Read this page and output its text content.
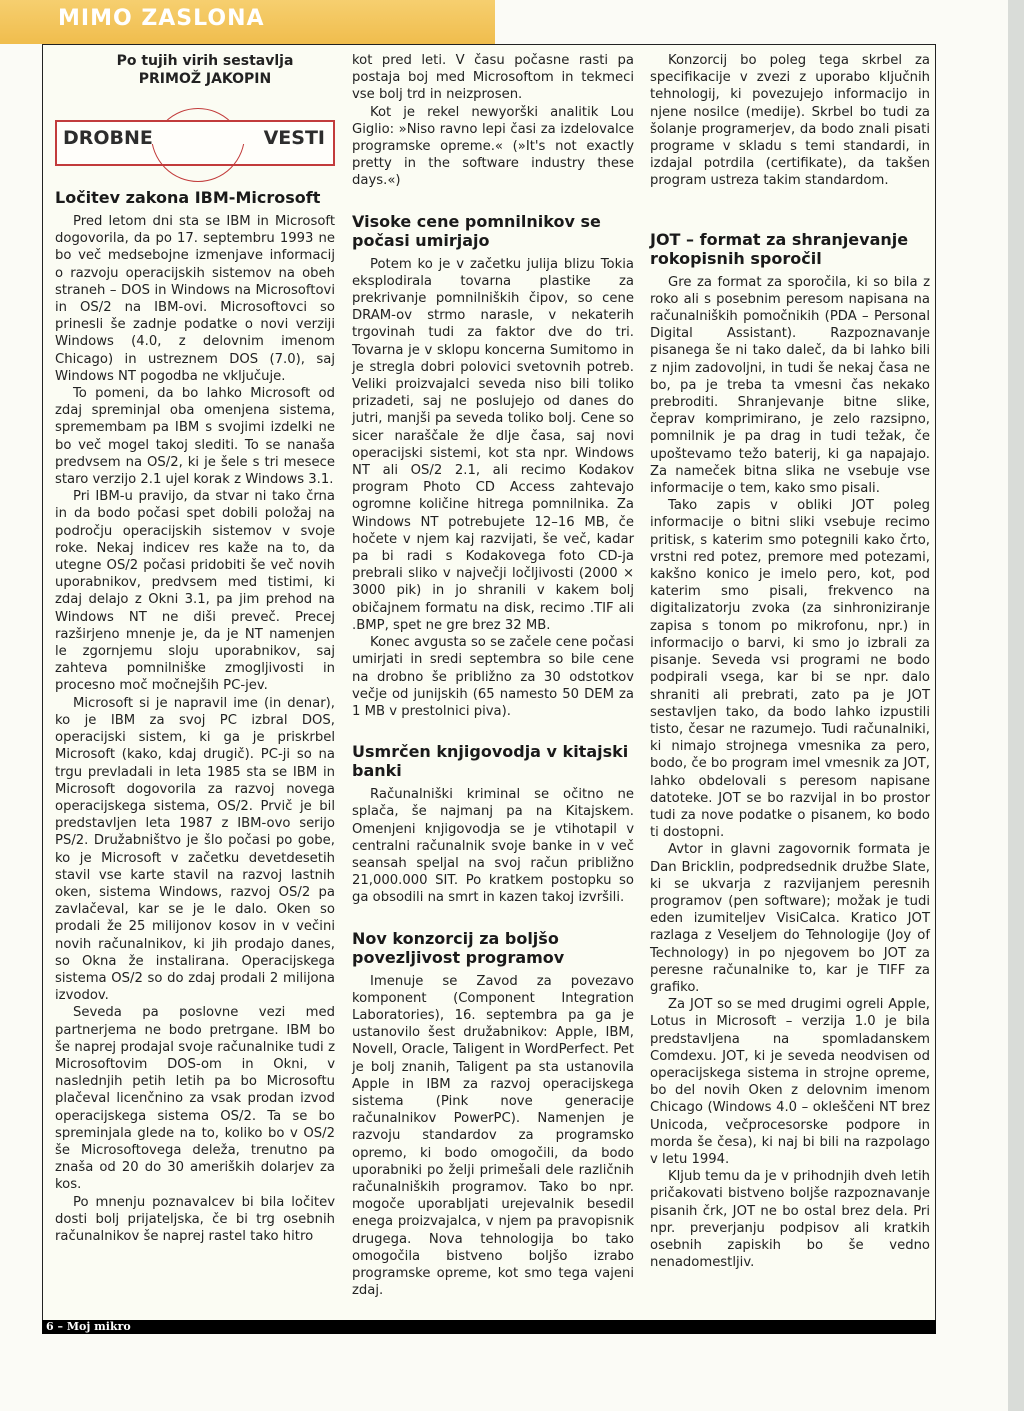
MIMO ZASLONA
Po tujih virih sestavlja
PRIMOŽ JAKOPIN
DROBNE	VESTI
Ločitev zakona IBM-Microsoft

Pred letom dni sta se IBM in Microsoft dogovorila, da po 17. septembru 1993 ne bo več medsebojne izmenjave informacij o razvoju operacijskih sistemov na obeh straneh – DOS in Windows na Microsoftovi in OS/2 na IBM-ovi. Microsoftovci so prinesli še zadnje podatke o novi verziji Windows (4.0, z delovnim imenom Chicago) in ustreznem DOS (7.0), saj Windows NT pogodba ne vključuje.

To pomeni, da bo lahko Microsoft od zdaj spreminjal oba omenjena sistema, spremembam pa IBM s svojimi izdelki ne bo več mogel takoj slediti. To se nanaša predvsem na OS/2, ki je šele s tri mesece staro verzijo 2.1 ujel korak z Windows 3.1.

Pri IBM-u pravijo, da stvar ni tako črna in da bodo počasi spet dobili položaj na področju operacijskih sistemov v svoje roke. Nekaj indicev res kaže na to, da utegne OS/2 počasi pridobiti še več novih uporabnikov, predvsem med tistimi, ki zdaj delajo z Okni 3.1, pa jim prehod na Windows NT ne diši preveč. Precej razširjeno mnenje je, da je NT namenjen le zgornjemu sloju uporabnikov, saj zahteva pomnilniške zmogljivosti in procesno moč močnejših PC-jev.

Microsoft si je napravil ime (in denar), ko je IBM za svoj PC izbral DOS, operacijski sistem, ki ga je priskrbel Microsoft (kako, kdaj drugič). PC-ji so na trgu prevladali in leta 1985 sta se IBM in Microsoft dogovorila za razvoj novega operacijskega sistema, OS/2. Prvič je bil predstavljen leta 1987 z IBM-ovo serijo PS/2. Družabništvo je šlo počasi po gobe, ko je Microsoft v začetku devetdesetih stavil vse karte stavil na razvoj lastnih oken, sistema Windows, razvoj OS/2 pa zavlačeval, kar se je le dalo. Oken so prodali že 25 milijonov kosov in v večini novih računalnikov, ki jih prodajo danes, so Okna že instalirana. Operacijskega sistema OS/2 so do zdaj prodali 2 milijona izvodov.

Seveda pa poslovne vezi med partnerjema ne bodo pretrgane. IBM bo še naprej prodajal svoje računalnike tudi z Microsoftovim DOS-om in Okni, v naslednjih petih letih pa bo Microsoftu plačeval licenčnino za vsak prodan izvod operacijskega sistema OS/2. Ta se bo spreminjala glede na to, koliko bo v OS/2 še Microsoftovega deleža, trenutno pa znaša od 20 do 30 ameriških dolarjev za kos.

Po mnenju poznavalcev bi bila ločitev dosti bolj prijateljska, če bi trg osebnih računalnikov še naprej rastel tako hitro

kot pred leti. V času počasne rasti pa postaja boj med Microsoftom in tekmeci vse bolj trd in neizprosen.

Kot je rekel newyorški analitik Lou Giglio: »Niso ravno lepi časi za izdelovalce programske opreme.« (»It's not exactly pretty in the software industry these days.«)

Visoke cene pomnilnikov se počasi umirjajo

Potem ko je v začetku julija blizu Tokia eksplodirala tovarna plastike za prekrivanje pomnilniških čipov, so cene DRAM-ov strmo narasle, v nekaterih trgovinah tudi za faktor dve do tri. Tovarna je v sklopu koncerna Sumitomo in je stregla dobri polovici svetovnih potreb. Veliki proizvajalci seveda niso bili toliko prizadeti, saj ne poslujejo od danes do jutri, manjši pa seveda toliko bolj. Cene so sicer naraščale že dlje časa, saj novi operacijski sistemi, kot sta npr. Windows NT ali OS/2 2.1, ali recimo Kodakov program Photo CD Access zahtevajo ogromne količine hitrega pomnilnika. Za Windows NT potrebujete 12–16 MB, če hočete v njem kaj razvijati, še več, kadar pa bi radi s Kodakovega foto CD-ja prebrali sliko v največji ločljivosti (2000 × 3000 pik) in jo shranili v kakem bolj običajnem formatu na disk, recimo .TIF ali .BMP, spet ne gre brez 32 MB.

Konec avgusta so se začele cene počasi umirjati in sredi septembra so bile cene na drobno še približno za 30 odstotkov večje od junijskih (65 namesto 50 DEM za 1 MB v prestolnici piva).

Usmrčen knjigovodja v kitajski banki

Računalniški kriminal se očitno ne splača, še najmanj pa na Kitajskem. Omenjeni knjigovodja se je vtihotapil v centralni računalnik svoje banke in v več seansah speljal na svoj račun približno 21,000.000 SIT. Po kratkem postopku so ga obsodili na smrt in kazen takoj izvršili.

Nov konzorcij za boljšo povezljivost programov

Imenuje se Zavod za povezavo komponent (Component Integration Laboratories), 16. septembra pa ga je ustanovilo šest družabnikov: Apple, IBM, Novell, Oracle, Taligent in WordPerfect. Pet je bolj znanih, Taligent pa sta ustanovila Apple in IBM za razvoj operacijskega sistema (Pink nove generacije računalnikov PowerPC). Namenjen je razvoju standardov za programsko opremo, ki bodo omogočili, da bodo uporabniki po želji primešali dele različnih računalniških programov. Tako bo npr. mogoče uporabljati urejevalnik besedil enega proizvajalca, v njem pa pravopisnik drugega. Nova tehnologija bo tako omogočila bistveno boljšo izrabo programske opreme, kot smo tega vajeni zdaj.

Konzorcij bo poleg tega skrbel za specifikacije v zvezi z uporabo ključnih tehnologij, ki povezujejo informacijo in njene nosilce (medije). Skrbel bo tudi za šolanje programerjev, da bodo znali pisati programe v skladu s temi standardi, in izdajal potrdila (certifikate), da takšen program ustreza takim standardom.

JOT – format za shranjevanje rokopisnih sporočil

Gre za format za sporočila, ki so bila z roko ali s posebnim peresom napisana na računalniških pomočnikih (PDA – Personal Digital Assistant). Razpoznavanje pisanega še ni tako daleč, da bi lahko bili z njim zadovoljni, in tudi še nekaj časa ne bo, pa je treba ta vmesni čas nekako prebroditi. Shranjevanje bitne slike, čeprav komprimirano, je zelo razsipno, pomnilnik je pa drag in tudi težak, če upoštevamo težo baterij, ki ga napajajo. Za nameček bitna slika ne vsebuje vse informacije o tem, kako smo pisali.

Tako zapis v obliki JOT poleg informacije o bitni sliki vsebuje recimo pritisk, s katerim smo potegnili kako črto, vrstni red potez, premore med potezami, kakšno konico je imelo pero, kot, pod katerim smo pisali, frekvenco na digitalizatorju zvoka (za sinhroniziranje zapisa s tonom po mikrofonu, npr.) in informacijo o barvi, ki smo jo izbrali za pisanje. Seveda vsi programi ne bodo podpirali vsega, kar bi se npr. dalo shraniti ali prebrati, zato pa je JOT sestavljen tako, da bodo lahko izpustili tisto, česar ne razumejo. Tudi računalniki, ki nimajo strojnega vmesnika za pero, bodo, če bo program imel vmesnik za JOT, lahko obdelovali s peresom napisane datoteke. JOT se bo razvijal in bo prostor tudi za nove podatke o pisanem, ko bodo ti dostopni.

Avtor in glavni zagovornik formata je Dan Bricklin, podpredsednik družbe Slate, ki se ukvarja z razvijanjem peresnih programov (pen software); možak je tudi eden izumiteljev VisiCalca. Kratico JOT razlaga z Veseljem do Tehnologije (Joy of Technology) in po njegovem bo JOT za peresne računalnike to, kar je TIFF za grafiko.

Za JOT so se med drugimi ogreli Apple, Lotus in Microsoft – verzija 1.0 je bila predstavljena na spomladanskem Comdexu. JOT, ki je seveda neodvisen od operacijskega sistema in strojne opreme, bo del novih Oken z delovnim imenom Chicago (Windows 4.0 – okleščeni NT brez Unicoda, večprocesorske podpore in morda še česa), ki naj bi bili na razpolago v letu 1994.

Kljub temu da je v prihodnjih dveh letih pričakovati bistveno boljše razpoznavanje pisanih črk, JOT ne bo ostal brez dela. Pri npr. preverjanju podpisov ali kratkih osebnih zapiskih bo še vedno nenadomestljiv.

6 – Moj mikro
